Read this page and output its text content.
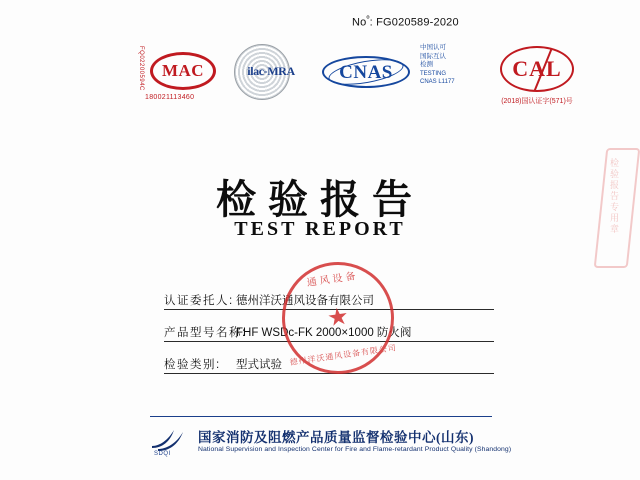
$No^º$: FG020589-2020
FQ02200594C MAC
180021113460
ilac-MRA	CNAS
中国认可
国际互认
检测
TESTING
CNAS L1177
CAL
(2018)国认证字(571)号
检验报告
TEST REPORT
认证委托人: 德州洋沃通风设备有限公司
产品型号名称:
FHF WSDc-FK 2000×1000 防火阀
检验类别: 型式试验
通风设备
★
德州洋沃通风设备有限公司
检验报告专用章
SDQI
国家消防及阻燃产品质量监督检验中心(山东)
National Supervision and Inspection Center for Fire and Flame-retardant Product Quality (Shandong)
